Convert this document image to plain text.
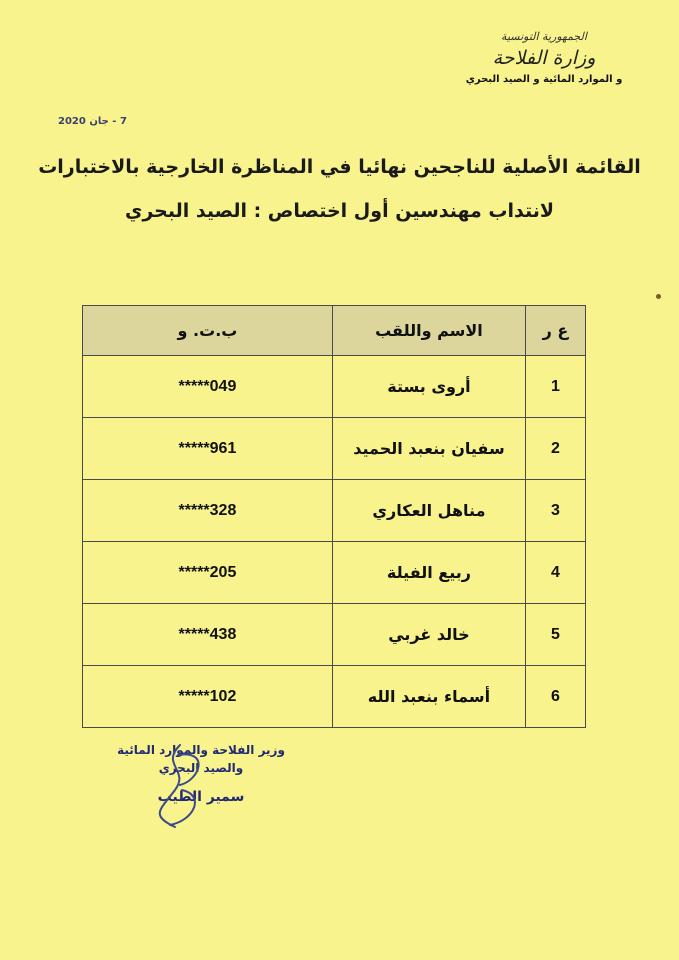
الجمهورية التونسية
وزارة الفلاحة
و الموارد المائية و الصيد البحري
7 - جان 2020
القائمة الأصلية للناجحين نهائيا في المناظرة الخارجية بالاختبارات
لانتداب مهندسين أول اختصاص : الصيد البحري
ع ر	الاسم واللقب	ب.ت. و
1	أروى بستة	*****049
2	سفيان بنعبد الحميد	*****961
3	مناهل العكاري	*****328
4	ربيع الفيلة	*****205
5	خالد غربي	*****438
6	أسماء بنعبد الله	*****102
وزير الفلاحة والموارد المائية
والصيد البحري
سمير الطيب
